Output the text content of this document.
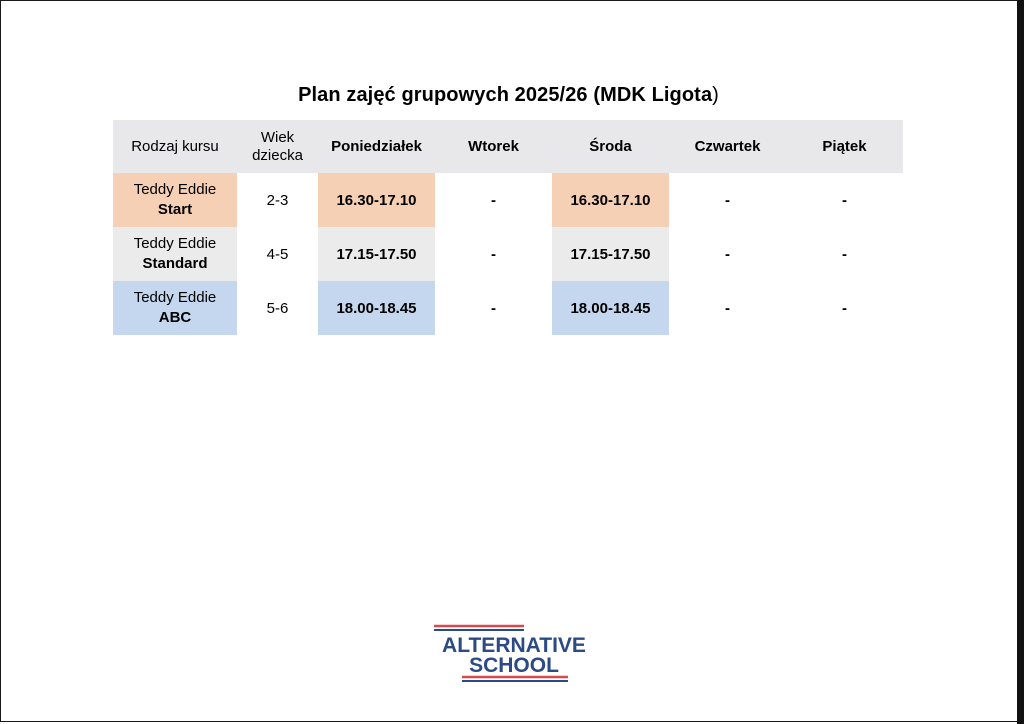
Plan zajęć grupowych 2025/26 (MDK Ligota)
Rodzaj kursu	Wiek
dziecka	Poniedziałek	Wtorek	Środa	Czwartek	Piątek

Teddy Eddie
Start	2-3	16.30-17.10	-	16.30-17.10	-	-

Teddy Eddie
Standard	4-5	17.15-17.50	-	17.15-17.50	-	-

Teddy Eddie
ABC	5-6	18.00-18.45	-	18.00-18.45	-	-
ALTERNATIVE
SCHOOL
